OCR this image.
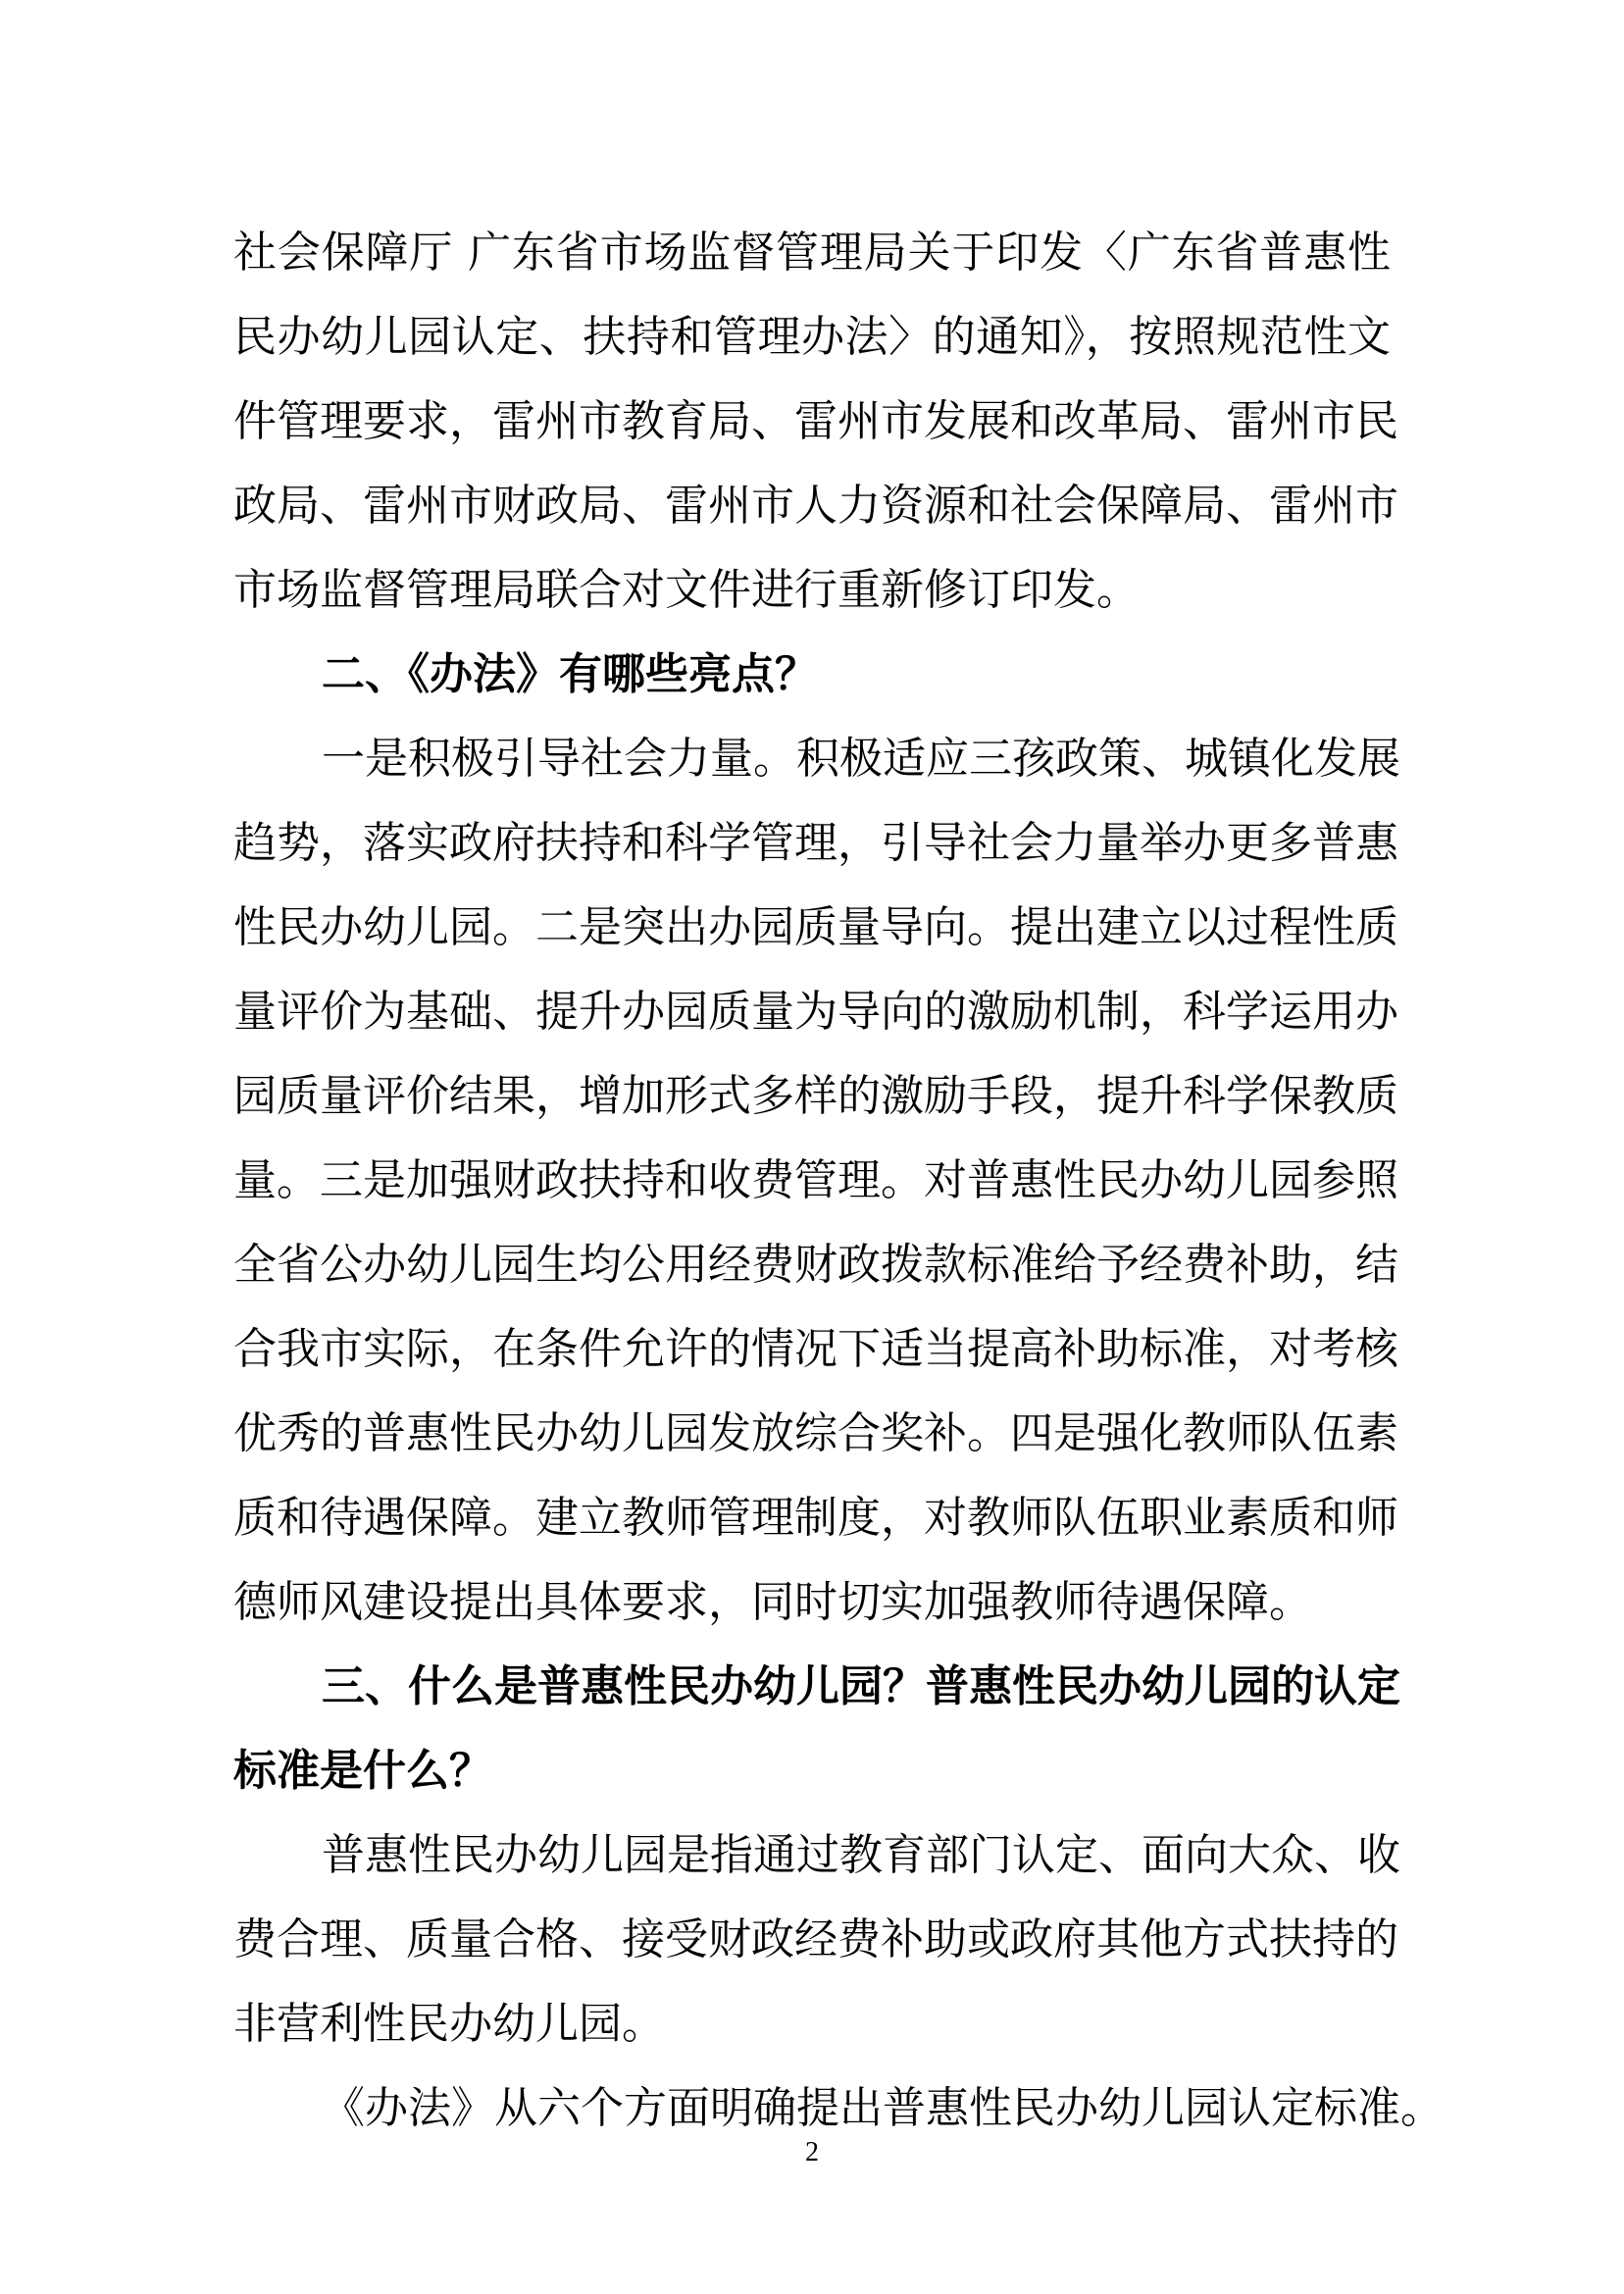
社会保障厅 广东省市场监督管理局关于印发〈广东省普惠性
民办幼儿园认定、扶持和管理办法〉的通知》，按照规范性文
件管理要求，雷州市教育局、雷州市发展和改革局、雷州市民
政局、雷州市财政局、雷州市人力资源和社会保障局、雷州市
市场监督管理局联合对文件进行重新修订印发。
二、《办法》有哪些亮点？
一是积极引导社会力量。积极适应三孩政策、城镇化发展
趋势，落实政府扶持和科学管理，引导社会力量举办更多普惠
性民办幼儿园。二是突出办园质量导向。提出建立以过程性质
量评价为基础、提升办园质量为导向的激励机制，科学运用办
园质量评价结果，增加形式多样的激励手段，提升科学保教质
量。三是加强财政扶持和收费管理。对普惠性民办幼儿园参照
全省公办幼儿园生均公用经费财政拨款标准给予经费补助，结
合我市实际，在条件允许的情况下适当提高补助标准，对考核
优秀的普惠性民办幼儿园发放综合奖补。四是强化教师队伍素
质和待遇保障。建立教师管理制度，对教师队伍职业素质和师
德师风建设提出具体要求，同时切实加强教师待遇保障。
三、什么是普惠性民办幼儿园？普惠性民办幼儿园的认定
标准是什么？
普惠性民办幼儿园是指通过教育部门认定、面向大众、收
费合理、质量合格、接受财政经费补助或政府其他方式扶持的
非营利性民办幼儿园。
《办法》从六个方面明确提出普惠性民办幼儿园认定标准。
2
